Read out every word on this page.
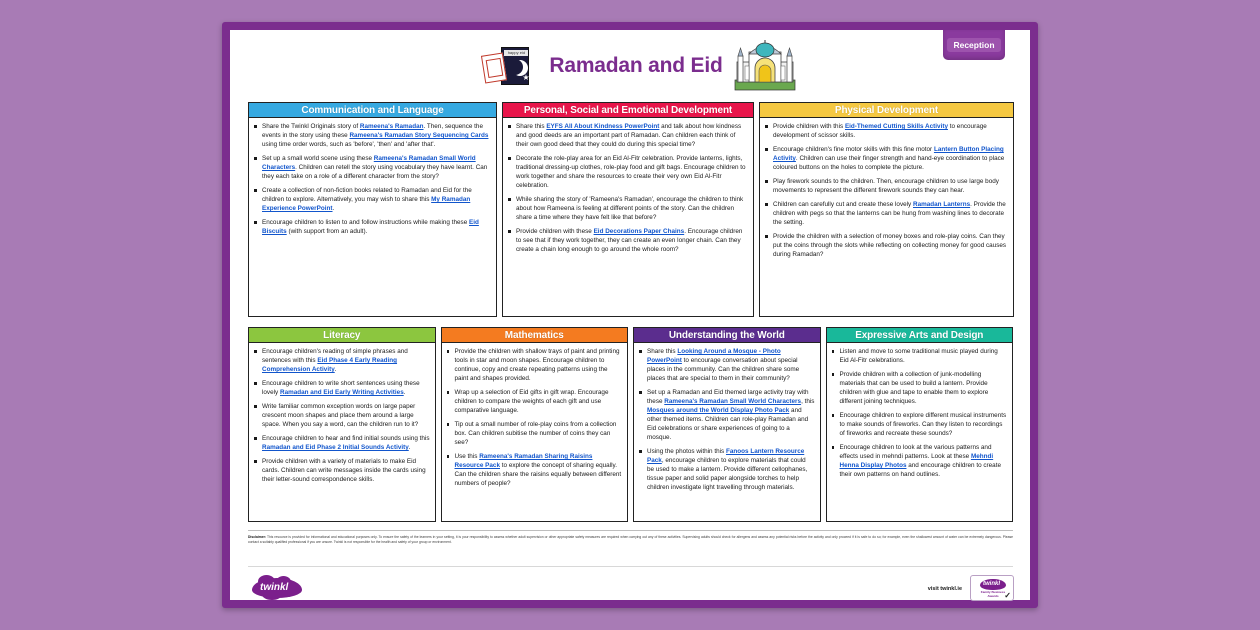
happy eid
★
Ramadan and Eid
Reception
Communication and Language
Share the Twinkl Originals story of Rameena's Ramadan. Then, sequence the events in the story using these Rameena's Ramadan Story Sequencing Cards using time order words, such as 'before', 'then' and 'after that'.
Set up a small world scene using these Rameena's Ramadan Small World Characters. Children can retell the story using vocabulary they have learnt. Can they each take on a role of a different character from the story?
Create a collection of non-fiction books related to Ramadan and Eid for the children to explore. Alternatively, you may wish to share this My Ramadan Experience PowerPoint.
Encourage children to listen to and follow instructions while making these Eid Biscuits (with support from an adult).
Personal, Social and Emotional Development
Share this EYFS All About Kindness PowerPoint and talk about how kindness and good deeds are an important part of Ramadan. Can children each think of their own good deed that they could do during this special time?
Decorate the role-play area for an Eid Al-Fitr celebration. Provide lanterns, lights, traditional dressing-up clothes, role-play food and gift bags. Encourage children to work together and share the resources to create their very own Eid Al-Fitr celebration.
While sharing the story of 'Rameena's Ramadan', encourage the children to think about how Rameena is feeling at different points of the story. Can the children share a time where they have felt like that before?
Provide children with these Eid Decorations Paper Chains. Encourage children to see that if they work together, they can create an even longer chain. Can they create a chain long enough to go around the whole room?
Physical Development
Provide children with this Eid-Themed Cutting Skills Activity to encourage development of scissor skills.
Encourage children's fine motor skills with this fine motor Lantern Button Placing Activity. Children can use their finger strength and hand-eye coordination to place coloured buttons on the holes to complete the picture.
Play firework sounds to the children. Then, encourage children to use large body movements to represent the different firework sounds they can hear.
Children can carefully cut and create these lovely Ramadan Lanterns. Provide the children with pegs so that the lanterns can be hung from washing lines to decorate the setting.
Provide the children with a selection of money boxes and role-play coins. Can they put the coins through the slots while reflecting on collecting money for good causes during Ramadan?
Literacy
Encourage children's reading of simple phrases and sentences with this Eid Phase 4 Early Reading Comprehension Activity.
Encourage children to write short sentences using these lovely Ramadan and Eid Early Writing Activities.
Write familiar common exception words on large paper crescent moon shapes and place them around a large space. When you say a word, can the children run to it?
Encourage children to hear and find initial sounds using this Ramadan and Eid Phase 2 Initial Sounds Activity.
Provide children with a variety of materials to make Eid cards. Children can write messages inside the cards using their letter-sound correspondence skills.
Mathematics
Provide the children with shallow trays of paint and printing tools in star and moon shapes. Encourage children to continue, copy and create repeating patterns using the paint and shapes provided.
Wrap up a selection of Eid gifts in gift wrap. Encourage children to compare the weights of each gift and use comparative language.
Tip out a small number of role-play coins from a collection box. Can children subitise the number of coins they can see?
Use this Rameena's Ramadan Sharing Raisins Resource Pack to explore the concept of sharing equally. Can the children share the raisins equally between different numbers of people?
Understanding the World
Share this Looking Around a Mosque - Photo PowerPoint to encourage conversation about special places in the community. Can the children share some places that are special to them in their community?
Set up a Ramadan and Eid themed large activity tray with these Rameena's Ramadan Small World Characters, this Mosques around the World Display Photo Pack and other themed items. Children can role-play Ramadan and Eid celebrations or share experiences of going to a mosque.
Using the photos within this Fanoos Lantern Resource Pack, encourage children to explore materials that could be used to make a lantern. Provide different cellophanes, tissue paper and solid paper alongside torches to help children investigate light travelling through materials.
Expressive Arts and Design
Listen and move to some traditional music played during Eid Al-Fitr celebrations.
Provide children with a collection of junk-modelling materials that can be used to build a lantern. Provide children with glue and tape to enable them to explore different joining techniques.
Encourage children to explore different musical instruments to make sounds of fireworks. Can they listen to recordings of fireworks and recreate these sounds?
Encourage children to look at the various patterns and effects used in mehndi patterns. Look at these Mehndi Henna Display Photos and encourage children to create their own patterns on hand outlines.
Disclaimer: This resource is provided for informational and educational purposes only. To ensure the safety of the learners in your setting, it is your responsibility to assess whether adult supervision or other appropriate safety measures are required when carrying out any of these activities. Supervising adults should check for allergens and assess any potential risks before the activity and only proceed if it is safe to do so; for example, even the shallowest amount of water can be extremely dangerous. Please contact a suitably qualified professional if you are unsure. Twinkl is not responsible for the health and safety of your group or environment.
twinkl	visit twinkl.ie
twinkl
Family Business Awards ✓
